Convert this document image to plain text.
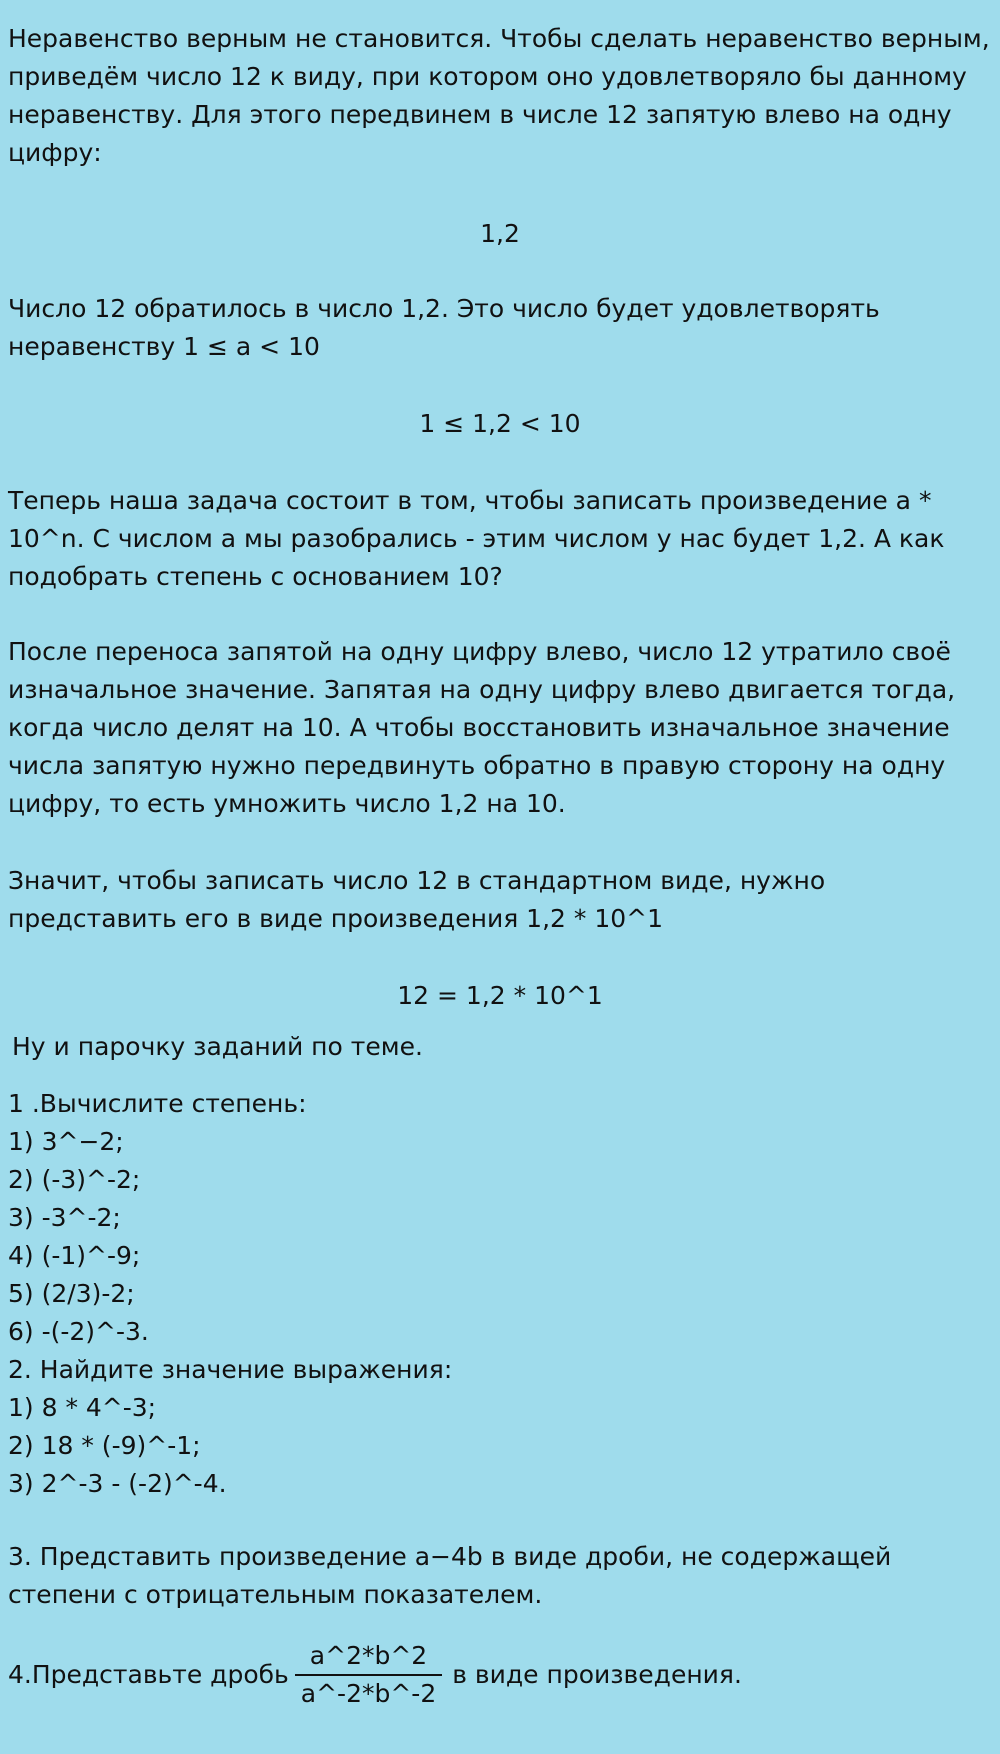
Неравенство верным не становится. Чтобы сделать неравенство верным, приведём число 12 к виду, при котором оно удовлетворяло бы данному неравенству. Для этого передвинем в числе 12 запятую влево на одну цифру:

1,2

Число 12 обратилось в число 1,2. Это число будет удовлетворять неравенству 1 ≤ a < 10

1 ≤ 1,2 < 10

Теперь наша задача состоит в том, чтобы записать произведение a * 10^n. С числом a мы разобрались - этим числом у нас будет 1,2. А как подобрать степень с основанием 10?

После переноса запятой на одну цифру влево, число 12 утратило своё изначальное значение. Запятая на одну цифру влево двигается тогда, когда число делят на 10. А чтобы восстановить изначальное значение числа запятую нужно передвинуть обратно в правую сторону на одну цифру, то есть умножить число 1,2 на 10.

Значит, чтобы записать число 12 в стандартном виде, нужно представить его в виде произведения 1,2 * 10^1

12 = 1,2 * 10^1

Ну и парочку заданий по теме.

1 .Вычислите степень:

1) 3^−2;

2) (-3)^-2;

3) -3^-2;

4) (-1)^-9;

5) (2/3)-2;

6) -(-2)^-3.

2. Найдите значение выражения:

1) 8 * 4^-3;

2) 18 * (-9)^-1;

3) 2^-3 - (-2)^-4.

3. Представить произведение a−4b в виде дроби, не содержащей степени с отрицательным показателем.

4.Представьте дробь $\frac{a\^{}2*b\^{}2}{a\^{}-2*b\^{}-2}$ в виде произведения.
